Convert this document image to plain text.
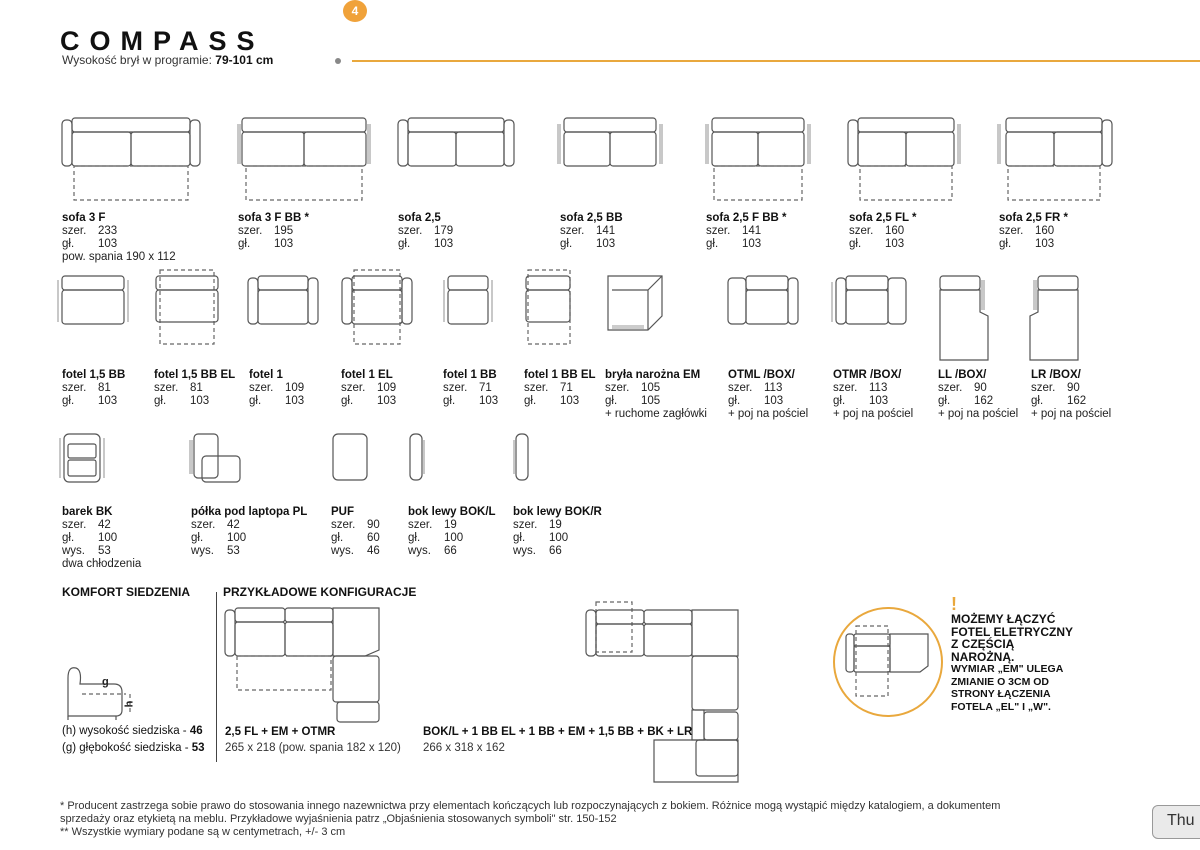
COMPASS
Wysokość brył w programie: 79-101 cm
4
sofa 3 F
szer. 233
gł. 103
pow. spania 190 x 112
sofa 3 F BB *
szer. 195
gł. 103
sofa 2,5
szer. 179
gł. 103
sofa 2,5 BB
szer. 141
gł. 103
sofa 2,5 F BB *
szer. 141
gł. 103
sofa 2,5 FL *
szer. 160
gł. 103
sofa 2,5 FR *
szer. 160
gł. 103
fotel 1,5 BB
szer. 81
gł. 103
fotel 1,5 BB EL
szer. 81
gł. 103
fotel 1
szer. 109
gł. 103
fotel 1 EL
szer. 109
gł. 103
fotel 1 BB
szer. 71
gł. 103
fotel 1 BB EL
szer. 71
gł. 103
bryła narożna EM
szer. 105
gł. 105
+ ruchome zagłówki
OTML /BOX/
szer. 113
gł. 103
+ poj na pościel
OTMR /BOX/
szer. 113
gł. 103
+ poj na pościel
LL /BOX/
szer. 90
gł. 162
+ poj na pościel
LR /BOX/
szer. 90
gł. 162
+ poj na pościel
barek BK
szer. 42
gł. 100
wys. 53
dwa chłodzenia
półka pod laptopa PL
szer. 42
gł. 100
wys. 53
PUF
szer. 90
gł. 60
wys. 46
bok lewy BOK/L
szer. 19
gł. 100
wys. 66
bok lewy BOK/R
szer. 19
gł. 100
wys. 66
KOMFORT SIEDZENIA
g
h
(h) wysokość siedziska - 46
(g) głębokość siedziska - 53
PRZYKŁADOWE KONFIGURACJE
2,5 FL + EM + OTMR
265 x 218 (pow. spania 182 x 120)
BOK/L + 1 BB EL + 1 BB + EM + 1,5 BB + BK + LR
266 x 318 x 162
!
MOŻEMY ŁĄCZYĆ
FOTEL ELETRYCZNY
Z CZĘŚCIĄ
NAROŻNĄ.
WYMIAR „EM" ULEGA
ZMIANIE O 3CM OD
STRONY ŁĄCZENIA
FOTELA „EL" I „W".
* Producent zastrzega sobie prawo do stosowania innego nazewnictwa przy elementach kończących lub rozpoczynających z bokiem. Różnice mogą wystąpić między katalogiem, a dokumentem
sprzedaży oraz etykietą na meblu. Przykładowe wyjaśnienia patrz „Objaśnienia stosowanych symboli" str. 150-152
** Wszystkie wymiary podane są w centymetrach, +/- 3 cm
Thu
